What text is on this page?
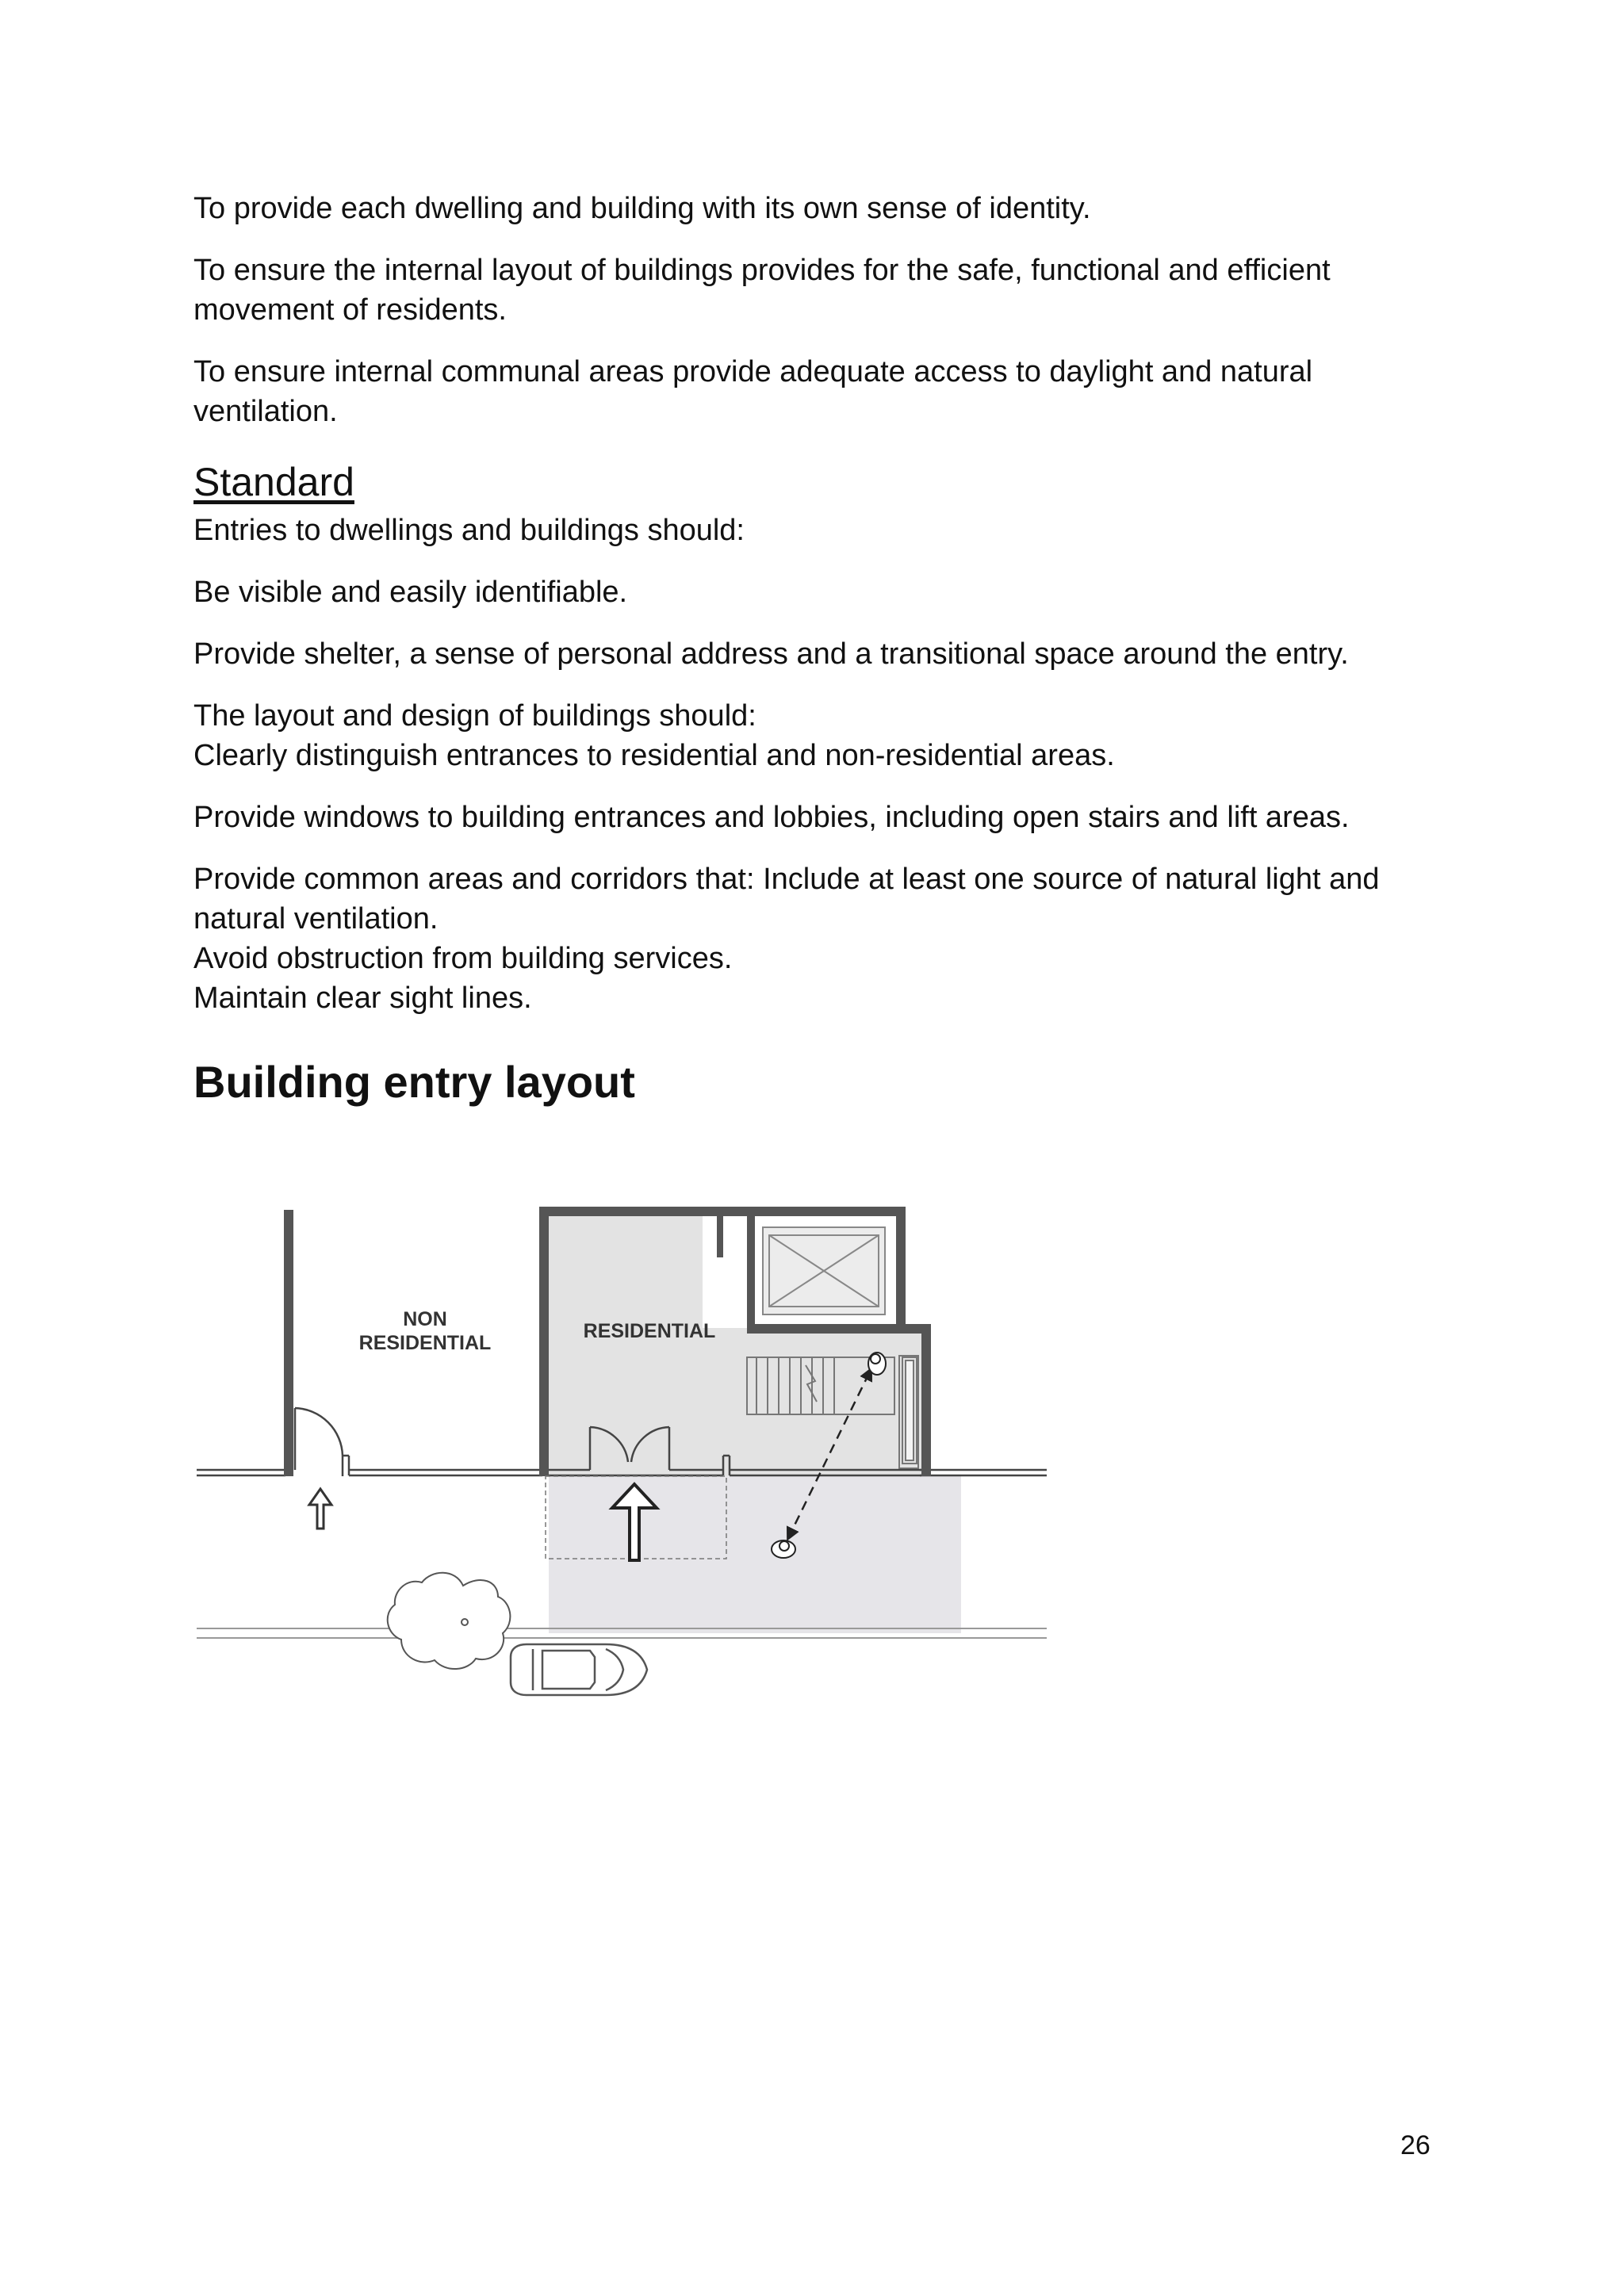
To provide each dwelling and building with its own sense of identity.

To ensure the internal layout of buildings provides for the safe, functional and efficient movement of residents.

To ensure internal communal areas provide adequate access to daylight and natural ventilation.

Standard

Entries to dwellings and buildings should:

Be visible and easily identifiable.

Provide shelter, a sense of personal address and a transitional space around the entry.

The layout and design of buildings should:

Clearly distinguish entrances to residential and non-residential areas.

Provide windows to building entrances and lobbies, including open stairs and lift areas.

Provide common areas and corridors that: Include at least one source of natural light and natural ventilation.

Avoid obstruction from building services.

Maintain clear sight lines.

Building entry layout
NON
RESIDENTIAL
RESIDENTIAL
26
